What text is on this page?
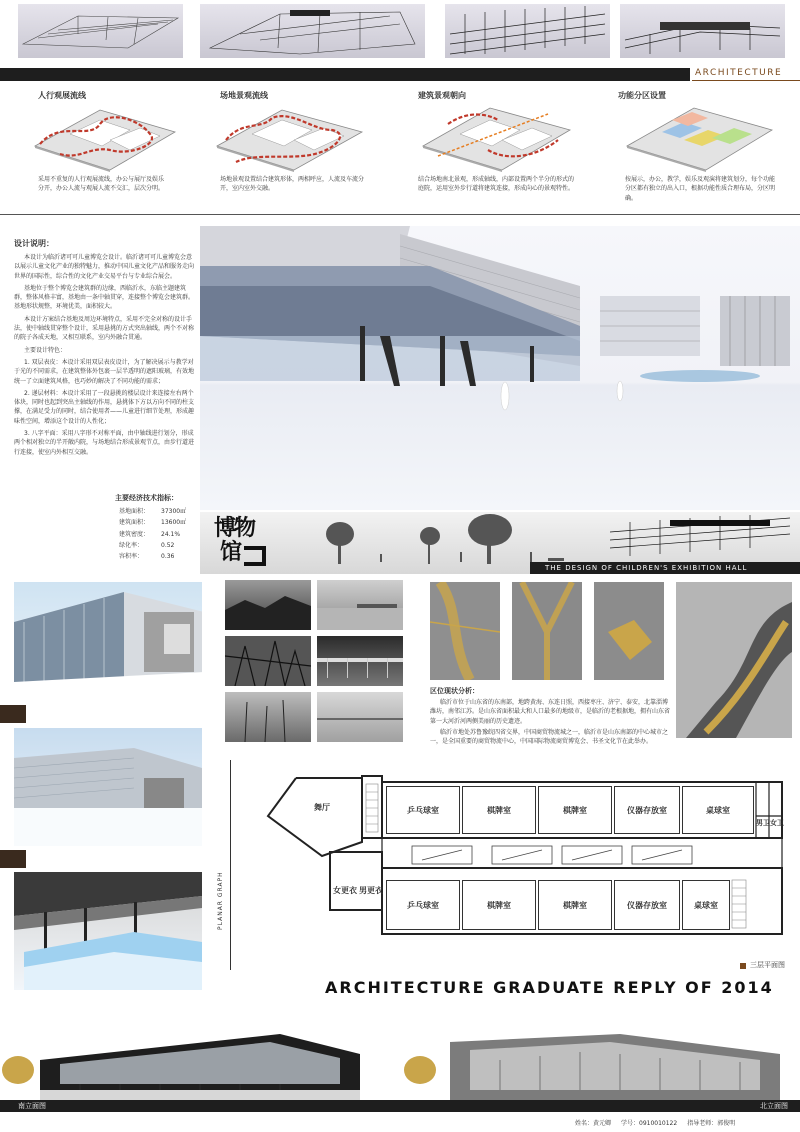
ARCHITECTURE
人行观展流线	场地景观流线	建筑景观朝向	功能分区设置
采用不重复的人行观展流线，办公与展厅及娱乐分开，办公人流与观展人流不交汇，层次分明。
场地景观设置结合建筑形体，两相呼应，人流及车流分开，室内室外交融。
结合场地南北景观，形成轴线，内部设置两个半分的形式的庭院，运用室外步行道将建筑连接，形成向心的景观特性。
按展示，办公，教学，娱乐及观演将建筑划分，每个功能分区都有独立的出入口，根据功能性质合理布局，分区明确。
设计说明：
本设计为临沂诸可可儿童博览会设计。临沂诸可可儿童博览会意以展示儿童文化产业的独特魅力，推动中国儿童文化产品和服务走向世界的国际性，综合性的文化产业交易平台与专业综合展会。
基地位于整个博览会建筑群的边缘，西临沂水，东临主题建筑群，整体风格丰富，基地由一条中轴贯穿，连接整个博览会建筑群。基地形状规整，环境优美，面积较大。
本设计方案结合基地及周边环境特点，采用不完全对称的设计手法，使中轴线贯穿整个设计，采用悬挑的方式突出轴线，两个不对称的院子各成天地，又相互联系，室内外融合贯通。
主要设计特色：
1. 双层表皮：本设计采用双层表皮设计，为了解决展示与教学对于光的不同需求，在建筑整体外包裹一层半透明的遮阳玻璃，有效地统一了立面建筑风格，也巧妙的解决了不同功能的需求；
2. 递层材料：本设计采用了一段悬挑的楼层设计来连接左右两个体块，同时也起到突出主轴线的作用，悬挑体下方以方向不同的柱支撑，在满足受力的同时，结合使用者——儿童进行细节处理，形成趣味性空间，增添这个设计的人性化；
3. 八字平面：采用八字形不对称平面，由中轴线进行划分，形成两个相对独立的半开敞内院，与场地结合形成景观节点，由步行道进行连接，使室内外相互交融。
主要经济技术指标：
基地面积：	37300㎡
建筑面积：	13600㎡
建筑密度：	24.1%
绿化率：	0.52
容积率：	0.36
博物
馆
THE DESIGN OF CHILDREN'S EXHIBITION HALL
区位现状分析：
临沂市位于山东省的东南部，地跨黄海、东连日照，西接枣庄、济宁、泰安，北靠淄博潍坊，南邻江苏。是山东省面积最大和人口最多的地级市，是临沂的老根据地，拥有山东省第一大河沂河两侧美丽的历史遗迹。
临沂市地处苏鲁豫皖四省交界，中国商贸物流城之一，临沂市是山东南部的中心城市之一，是全国重要的商贸物流中心，中国国际物流商贸博览会、书圣文化节在此举办。
PLANAR GRAPH
舞厅	乒乓球室	棋牌室	棋牌室	仪器存放室	桌球室
男卫 女卫
女更衣 男更衣
乒乓球室	棋牌室	棋牌室	仪器存放室	桌球室
三层平面图
ARCHITECTURE GRADUATE REPLY OF 2014
南立面图	北立面图
姓名：黄元卿 学号：0910010122 指导老师：郭俊明
